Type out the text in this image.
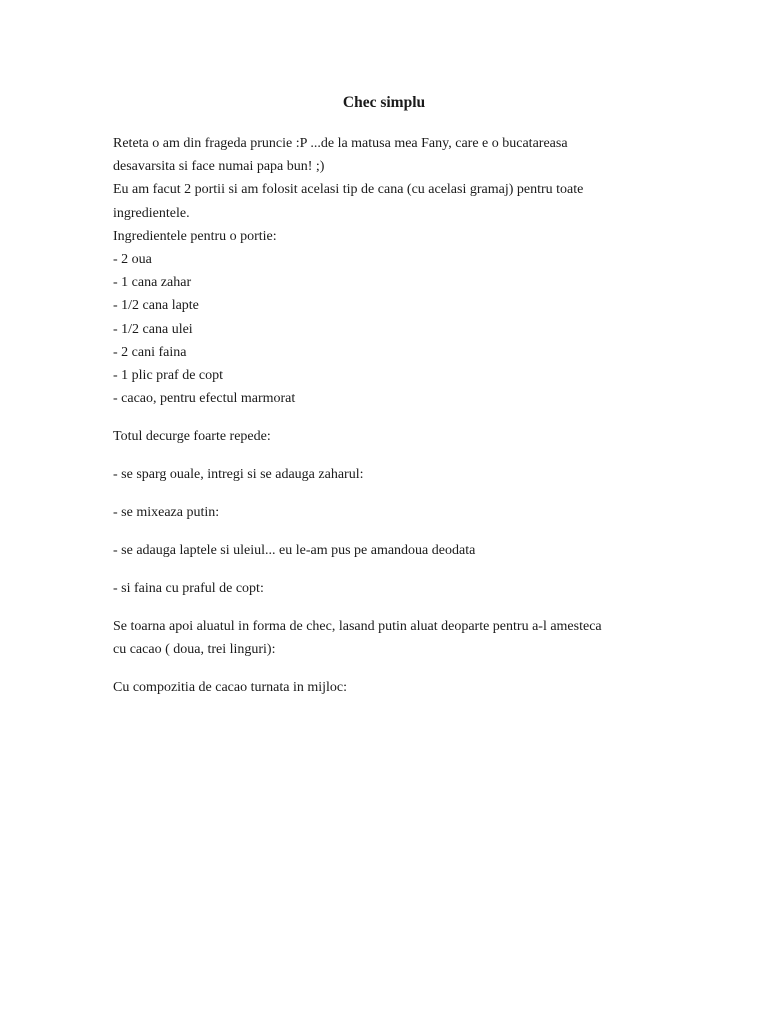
Chec simplu
Reteta o am din frageda pruncie :P ...de la matusa mea Fany, care e o bucatareasa
desavarsita si face numai papa bun! ;)
Eu am facut 2 portii si am folosit acelasi tip de cana (cu acelasi gramaj) pentru toate
ingredientele.
Ingredientele pentru o portie:
- 2 oua
- 1 cana zahar
- 1/2 cana lapte
- 1/2 cana ulei
- 2 cani faina
- 1 plic praf de copt
- cacao, pentru efectul marmorat
Totul decurge foarte repede:
- se sparg ouale, intregi si se adauga zaharul:
- se mixeaza putin:
- se adauga laptele si uleiul... eu le-am pus pe amandoua deodata
- si faina cu praful de copt:
Se toarna apoi aluatul in forma de chec, lasand putin aluat deoparte pentru a-l amesteca
cu cacao ( doua, trei linguri):
Cu compozitia de cacao turnata in mijloc:
